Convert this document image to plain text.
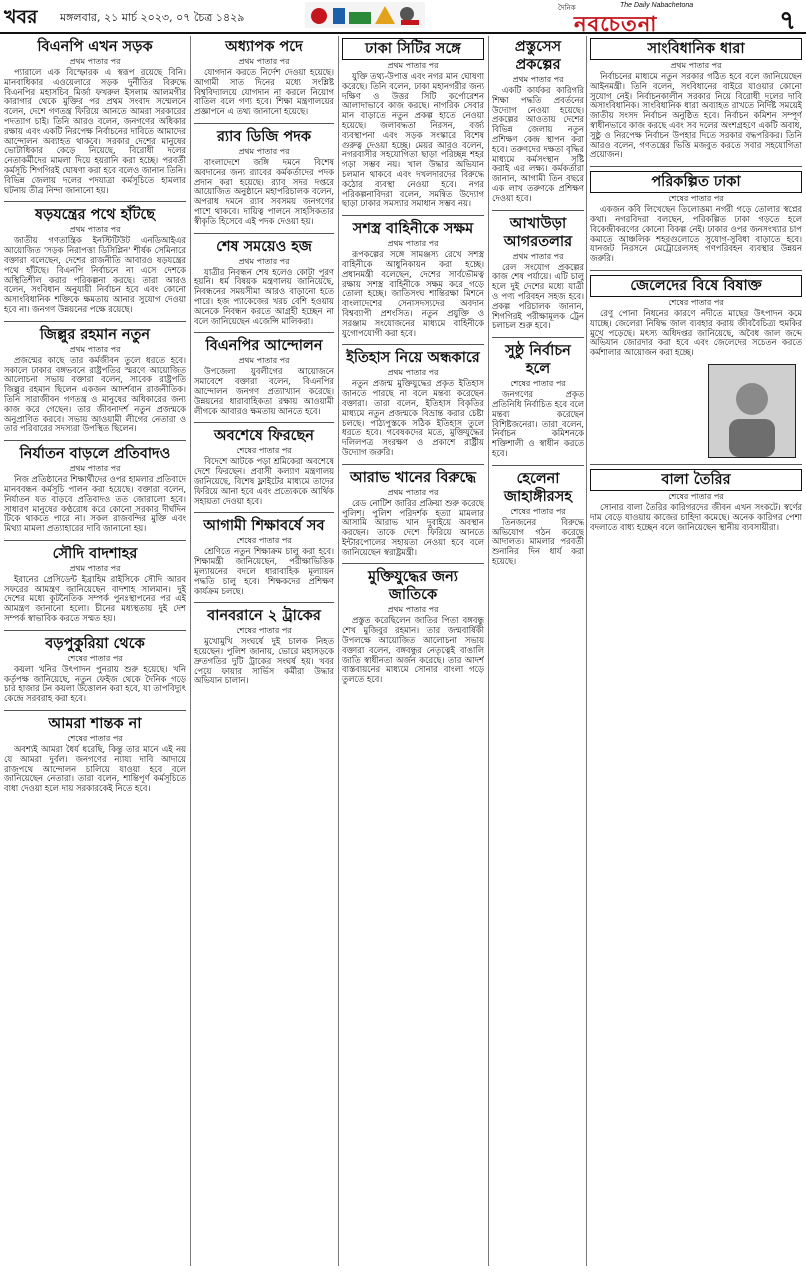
খবর মঙ্গলবার, ২১ মার্চ ২০২৩, ০৭ চৈত্র ১৪২৯
দৈনিক
নবচেতনা
The Daily Nabachetona
৭
বিএনপি এখন সড়ক
প্রথম পাতার পর

প্যারালে এক বিস্ফোরক এ স্বরূপ রয়েছে বিনি। মানবাধিকার এওয়েলারে সড়ক দুর্নীতির বিরুদ্ধে বিএনপির মহাসচিব মির্জা ফখরুল ইসলাম আলমগীর কারাগার থেকে মুক্তির পর প্রথম সংবাদ সম্মেলনে বলেন, দেশে গণতন্ত্র ফিরিয়ে আনতে আমরা সরকারের পদত্যাগ চাই। তিনি আরও বলেন, জনগণের অধিকার রক্ষায় এবং একটি নিরপেক্ষ নির্বাচনের দাবিতে আমাদের আন্দোলন অব্যাহত থাকবে। সরকার দেশের মানুষের ভোটাধিকার কেড়ে নিয়েছে, বিরোধী দলের নেতাকর্মীদের মামলা দিয়ে হয়রানি করা হচ্ছে। পরবর্তী কর্মসূচি শিগগিরই ঘোষণা করা হবে বলেও জানান তিনি। বিভিন্ন জেলায় দলের পদযাত্রা কর্মসূচিতে হামলার ঘটনায় তীব্র নিন্দা জানানো হয়।

ষড়যন্ত্রের পথে হাঁটছে
প্রথম পাতার পর

জাতীয় গণতান্ত্রিক ইনস্টিটিউট এনডিআইএর আয়োজিত 'সড়ক নিরাপত্তা ডিসিপ্লিন' শীর্ষক সেমিনারে বক্তারা বলেছেন, দেশের রাজনীতি আবারও ষড়যন্ত্রের পথে হাঁটছে। বিএনপি নির্বাচনে না এসে দেশকে অস্থিতিশীল করার পরিকল্পনা করছে। তারা আরও বলেন, সংবিধান অনুযায়ী নির্বাচন হবে এবং কোনো অসাংবিধানিক শক্তিকে ক্ষমতায় আনার সুযোগ দেওয়া হবে না। জনগণ উন্নয়নের পক্ষে রয়েছে।

জিল্লুর রহমান নতুন
প্রথম পাতার পর

প্রজন্মের কাছে তার কর্মজীবন তুলে ধরতে হবে। সকালে ঢাকার বঙ্গভবনে রাষ্ট্রপতির স্মরণে আয়োজিত আলোচনা সভায় বক্তারা বলেন, সাবেক রাষ্ট্রপতি জিল্লুর রহমান ছিলেন একজন আদর্শবান রাজনীতিক। তিনি সারাজীবন গণতন্ত্র ও মানুষের অধিকারের জন্য কাজ করে গেছেন। তার জীবনাদর্শ নতুন প্রজন্মকে অনুপ্রাণিত করবে। সভায় আওয়ামী লীগের নেতারা ও তার পরিবারের সদস্যরা উপস্থিত ছিলেন।

নির্যাতন বাড়লে প্রতিবাদও
প্রথম পাতার পর

নিজ প্রতিষ্ঠানের শিক্ষার্থীদের ওপর হামলার প্রতিবাদে মানববন্ধন কর্মসূচি পালন করা হয়েছে। বক্তারা বলেন, নির্যাতন যত বাড়বে প্রতিবাদও তত জোরালো হবে। সাধারণ মানুষের কণ্ঠরোধ করে কোনো সরকার দীর্ঘদিন টিকে থাকতে পারে না। সকল রাজবন্দির মুক্তি এবং মিথ্যা মামলা প্রত্যাহারের দাবি জানানো হয়।

সৌদি বাদশাহর
প্রথম পাতার পর

ইরানের প্রেসিডেন্ট ইব্রাহিম রাইসিকে সৌদি আরব সফরের আমন্ত্রণ জানিয়েছেন বাদশাহ সালমান। দুই দেশের মধ্যে কূটনৈতিক সম্পর্ক পুনঃস্থাপনের পর এই আমন্ত্রণ জানানো হলো। চীনের মধ্যস্থতায় দুই দেশ সম্পর্ক স্বাভাবিক করতে সম্মত হয়।

বড়পুকুরিয়া থেকে
শেষের পাতার পর

কয়লা খনির উৎপাদন পুনরায় শুরু হয়েছে। খনি কর্তৃপক্ষ জানিয়েছে, নতুন ফেইজ থেকে দৈনিক গড়ে চার হাজার টন কয়লা উত্তোলন করা হবে, যা তাপবিদ্যুৎ কেন্দ্রে সরবরাহ করা হবে।

আমরা শান্তক না
শেষের পাতার পর

অবশ্যই আমরা ধৈর্য ধরেছি, কিন্তু তার মানে এই নয় যে আমরা দুর্বল। জনগণের ন্যায্য দাবি আদায়ে রাজপথে আন্দোলন চালিয়ে যাওয়া হবে বলে জানিয়েছেন নেতারা। তারা বলেন, শান্তিপূর্ণ কর্মসূচিতে বাধা দেওয়া হলে দায় সরকারকেই নিতে হবে।

অধ্যাপক পদে
প্রথম পাতার পর

যোগদান করতে নির্দেশ দেওয়া হয়েছে। আগামী সাত দিনের মধ্যে সংশ্লিষ্ট বিশ্ববিদ্যালয়ে যোগদান না করলে নিয়োগ বাতিল বলে গণ্য হবে। শিক্ষা মন্ত্রণালয়ের প্রজ্ঞাপনে এ তথ্য জানানো হয়েছে।

র‍্যাব ডিজি পদক
প্রথম পাতার পর

বাংলাদেশে জঙ্গি দমনে বিশেষ অবদানের জন্য র‍্যাবের কর্মকর্তাদের পদক প্রদান করা হয়েছে। র‍্যাব সদর দপ্তরে আয়োজিত অনুষ্ঠানে মহাপরিচালক বলেন, অপরাধ দমনে র‍্যাব সবসময় জনগণের পাশে থাকবে। দায়িত্ব পালনে সাহসিকতার স্বীকৃতি হিসেবে এই পদক দেওয়া হয়।

শেষ সময়েও হজ
প্রথম পাতার পর

যাত্রীর নিবন্ধন শেষ হলেও কোটা পূরণ হয়নি। ধর্ম বিষয়ক মন্ত্রণালয় জানিয়েছে, নিবন্ধনের সময়সীমা আরও বাড়ানো হতে পারে। হজ প্যাকেজের খরচ বেশি হওয়ায় অনেকে নিবন্ধন করতে আগ্রহী হচ্ছেন না বলে জানিয়েছেন এজেন্সি মালিকরা।

বিএনপির আন্দোলন
প্রথম পাতার পর

উপজেলা যুবলীগের আয়োজনে সমাবেশে বক্তারা বলেন, বিএনপির আন্দোলন জনগণ প্রত্যাখ্যান করেছে। উন্নয়নের ধারাবাহিকতা রক্ষায় আওয়ামী লীগকে আবারও ক্ষমতায় আনতে হবে।

অবশেষে ফিরছেন
শেষের পাতার পর

বিদেশে আটকে পড়া শ্রমিকেরা অবশেষে দেশে ফিরছেন। প্রবাসী কল্যাণ মন্ত্রণালয় জানিয়েছে, বিশেষ ফ্লাইটের মাধ্যমে তাদের ফিরিয়ে আনা হবে এবং প্রত্যেককে আর্থিক সহায়তা দেওয়া হবে।

আগামী শিক্ষাবর্ষে সব
শেষের পাতার পর

শ্রেণিতে নতুন শিক্ষাক্রম চালু করা হবে। শিক্ষামন্ত্রী জানিয়েছেন, পরীক্ষাভিত্তিক মূল্যায়নের বদলে ধারাবাহিক মূল্যায়ন পদ্ধতি চালু হবে। শিক্ষকদের প্রশিক্ষণ কার্যক্রম চলছে।

বানবরানে ২ ট্রাকের
শেষের পাতার পর

মুখোমুখি সংঘর্ষে দুই চালক নিহত হয়েছেন। পুলিশ জানায়, ভোরে মহাসড়কে দ্রুতগতির দুটি ট্রাকের সংঘর্ষ হয়। খবর পেয়ে ফায়ার সার্ভিস কর্মীরা উদ্ধার অভিযান চালান।

ঢাকা সিটির সঙ্গে
প্রথম পাতার পর

যুক্তি তথ্য-উপাত্ত এবং নগর মান ঘোষণা করেছে। তিনি বলেন, ঢাকা মহানগরীর জন্য দক্ষিণ ও উত্তর সিটি কর্পোরেশন আলাদাভাবে কাজ করছে। নাগরিক সেবার মান বাড়াতে নতুন প্রকল্প হাতে নেওয়া হয়েছে। জলাবদ্ধতা নিরসন, বর্জ্য ব্যবস্থাপনা এবং সড়ক সংস্কারে বিশেষ গুরুত্ব দেওয়া হচ্ছে। মেয়র আরও বলেন, নগরবাসীর সহযোগিতা ছাড়া পরিচ্ছন্ন শহর গড়া সম্ভব নয়। খাল উদ্ধার অভিযান চলমান থাকবে এবং দখলদারদের বিরুদ্ধে কঠোর ব্যবস্থা নেওয়া হবে। নগর পরিকল্পনাবিদরা বলেন, সমন্বিত উদ্যোগ ছাড়া ঢাকার সমস্যার সমাধান সম্ভব নয়।

সশস্ত্র বাহিনীকে সক্ষম
প্রথম পাতার পর

রূপকল্পের সঙ্গে সামঞ্জস্য রেখে সশস্ত্র বাহিনীকে আধুনিকায়ন করা হচ্ছে। প্রধানমন্ত্রী বলেছেন, দেশের সার্বভৌমত্ব রক্ষায় সশস্ত্র বাহিনীকে সক্ষম করে গড়ে তোলা হচ্ছে। জাতিসংঘ শান্তিরক্ষা মিশনে বাংলাদেশের সেনাসদস্যদের অবদান বিশ্বব্যাপী প্রশংসিত। নতুন প্রযুক্তি ও সরঞ্জাম সংযোজনের মাধ্যমে বাহিনীকে যুগোপযোগী করা হবে।

ইতিহাস নিয়ে অন্ধকারে
প্রথম পাতার পর

নতুন প্রজন্ম মুক্তিযুদ্ধের প্রকৃত ইতিহাস জানতে পারছে না বলে মন্তব্য করেছেন বক্তারা। তারা বলেন, ইতিহাস বিকৃতির মাধ্যমে নতুন প্রজন্মকে বিভ্রান্ত করার চেষ্টা চলছে। পাঠ্যপুস্তকে সঠিক ইতিহাস তুলে ধরতে হবে। গবেষকদের মতে, মুক্তিযুদ্ধের দলিলপত্র সংরক্ষণ ও প্রকাশে রাষ্ট্রীয় উদ্যোগ জরুরি।

আরাভ খানের বিরুদ্ধে
প্রথম পাতার পর

রেড নোটিশ জারির প্রক্রিয়া শুরু করেছে পুলিশ। পুলিশ পরিদর্শক হত্যা মামলার আসামি আরাভ খান দুবাইয়ে অবস্থান করছেন। তাকে দেশে ফিরিয়ে আনতে ইন্টারপোলের সহায়তা নেওয়া হবে বলে জানিয়েছেন স্বরাষ্ট্রমন্ত্রী।

মুক্তিযুদ্ধের জন্য জাতিকে
প্রথম পাতার পর

প্রস্তুত করেছিলেন জাতির পিতা বঙ্গবন্ধু শেখ মুজিবুর রহমান। তার জন্মবার্ষিকী উপলক্ষে আয়োজিত আলোচনা সভায় বক্তারা বলেন, বঙ্গবন্ধুর নেতৃত্বেই বাঙালি জাতি স্বাধীনতা অর্জন করেছে। তার আদর্শ বাস্তবায়নের মাধ্যমে সোনার বাংলা গড়ে তুলতে হবে।

প্রস্তুসেস প্রকল্পের
প্রথম পাতার পর

একটি কার্যকর কারিগরি শিক্ষা পদ্ধতি প্রবর্তনের উদ্যোগ নেওয়া হয়েছে। প্রকল্পের আওতায় দেশের বিভিন্ন জেলায় নতুন প্রশিক্ষণ কেন্দ্র স্থাপন করা হবে। তরুণদের দক্ষতা বৃদ্ধির মাধ্যমে কর্মসংস্থান সৃষ্টি করাই এর লক্ষ্য। কর্মকর্তারা জানান, আগামী তিন বছরে এক লাখ তরুণকে প্রশিক্ষণ দেওয়া হবে।

আখাউড়া আগরতলার
প্রথম পাতার পর

রেল সংযোগ প্রকল্পের কাজ শেষ পর্যায়ে। এটি চালু হলে দুই দেশের মধ্যে যাত্রী ও পণ্য পরিবহন সহজ হবে। প্রকল্প পরিচালক জানান, শিগগিরই পরীক্ষামূলক ট্রেন চলাচল শুরু হবে।

সুষ্ঠু নির্বাচন হলে
শেষের পাতার পর

জনগণের প্রকৃত প্রতিনিধি নির্বাচিত হবে বলে মন্তব্য করেছেন বিশিষ্টজনেরা। তারা বলেন, নির্বাচন কমিশনকে শক্তিশালী ও স্বাধীন করতে হবে।

হেলেনা জাহাঙ্গীরসহ
শেষের পাতার পর

তিনজনের বিরুদ্ধে অভিযোগ গঠন করেছে আদালত। মামলার পরবর্তী শুনানির দিন ধার্য করা হয়েছে।

সাংবিধানিক ধারা
প্রথম পাতার পর

নির্বাচনের মাধ্যমে নতুন সরকার গঠিত হবে বলে জানিয়েছেন আইনমন্ত্রী। তিনি বলেন, সংবিধানের বাইরে যাওয়ার কোনো সুযোগ নেই। নির্বাচনকালীন সরকার নিয়ে বিরোধী দলের দাবি অসাংবিধানিক। সাংবিধানিক ধারা অব্যাহত রাখতে নির্দিষ্ট সময়েই জাতীয় সংসদ নির্বাচন অনুষ্ঠিত হবে। নির্বাচন কমিশন সম্পূর্ণ স্বাধীনভাবে কাজ করছে এবং সব দলের অংশগ্রহণে একটি অবাধ, সুষ্ঠু ও নিরপেক্ষ নির্বাচন উপহার দিতে সরকার বদ্ধপরিকর। তিনি আরও বলেন, গণতন্ত্রের ভিত্তি মজবুত করতে সবার সহযোগিতা প্রয়োজন।

পরিকল্পিত ঢাকা
শেষের পাতার পর

একজন কবি লিখেছেন তিলোত্তমা নগরী গড়ে তোলার স্বপ্নের কথা। নগরবিদরা বলছেন, পরিকল্পিত ঢাকা গড়তে হলে বিকেন্দ্রীকরণের কোনো বিকল্প নেই। ঢাকার ওপর জনসংখ্যার চাপ কমাতে আঞ্চলিক শহরগুলোতে সুযোগ-সুবিধা বাড়াতে হবে। যানজট নিরসনে মেট্রোরেলসহ গণপরিবহন ব্যবস্থার উন্নয়ন জরুরি।

জেলেদের বিষে বিষাক্ত
শেষের পাতার পর

রেণু পোনা নিধনের কারণে নদীতে মাছের উৎপাদন কমে যাচ্ছে। জেলেরা নিষিদ্ধ জাল ব্যবহার করায় জীববৈচিত্র্য হুমকির মুখে পড়েছে। মৎস্য অধিদপ্তর জানিয়েছে, অবৈধ জাল জব্দে অভিযান জোরদার করা হবে এবং জেলেদের সচেতন করতে কর্মশালার আয়োজন করা হচ্ছে।

বালা তৈরির
শেষের পাতার পর

সোনার বালা তৈরির কারিগরদের জীবন এখন সংকটে। স্বর্ণের দাম বেড়ে যাওয়ায় কাজের চাহিদা কমেছে। অনেক কারিগর পেশা বদলাতে বাধ্য হচ্ছেন বলে জানিয়েছেন স্থানীয় ব্যবসায়ীরা।
